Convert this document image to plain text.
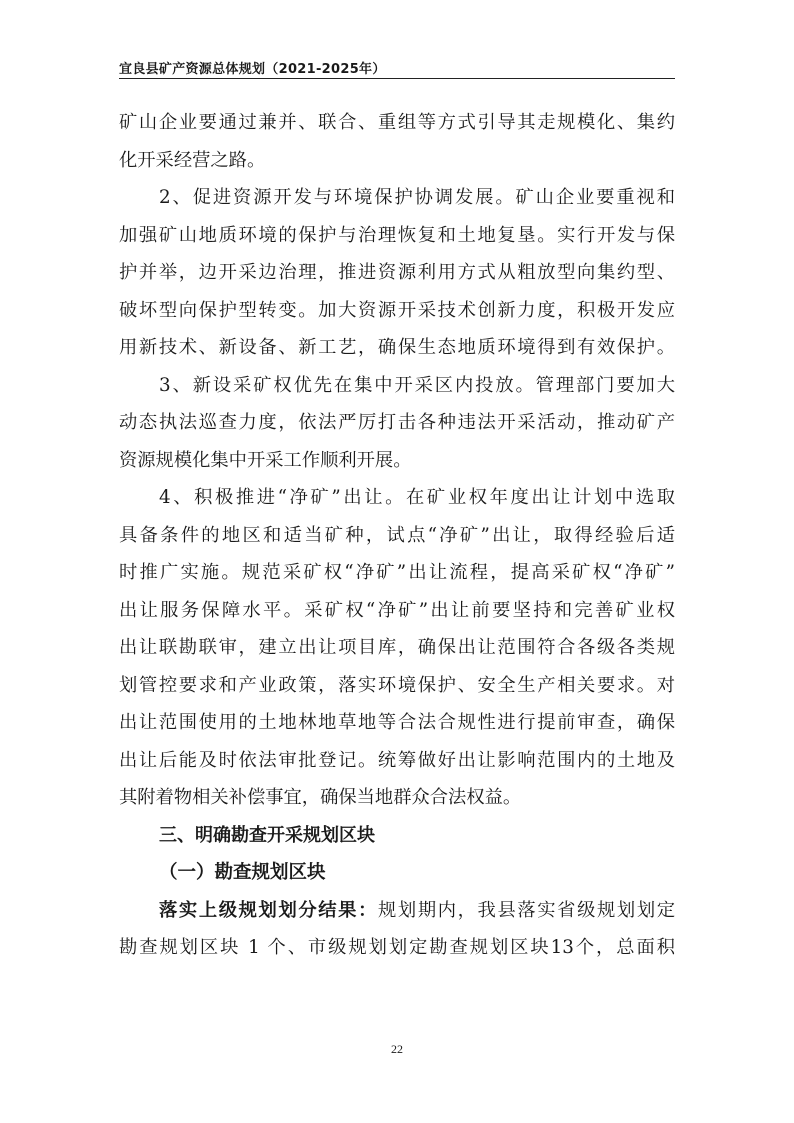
宜良县矿产资源总体规划（2021-2025年）
矿山企业要通过兼并、联合、重组等方式引导其走规模化、集约
化开采经营之路。
2、促进资源开发与环境保护协调发展。矿山企业要重视和
加强矿山地质环境的保护与治理恢复和土地复垦。实行开发与保
护并举，边开采边治理，推进资源利用方式从粗放型向集约型、
破坏型向保护型转变。加大资源开采技术创新力度，积极开发应
用新技术、新设备、新工艺，确保生态地质环境得到有效保护。
3、新设采矿权优先在集中开采区内投放。管理部门要加大
动态执法巡查力度，依法严厉打击各种违法开采活动，推动矿产
资源规模化集中开采工作顺利开展。
4、积极推进“净矿”出让。在矿业权年度出让计划中选取
具备条件的地区和适当矿种，试点“净矿”出让，取得经验后适
时推广实施。规范采矿权“净矿”出让流程，提高采矿权“净矿”
出让服务保障水平。采矿权“净矿”出让前要坚持和完善矿业权
出让联勘联审，建立出让项目库，确保出让范围符合各级各类规
划管控要求和产业政策，落实环境保护、安全生产相关要求。对
出让范围使用的土地林地草地等合法合规性进行提前审查，确保
出让后能及时依法审批登记。统筹做好出让影响范围内的土地及
其附着物相关补偿事宜，确保当地群众合法权益。
三、明确勘查开采规划区块
（一）勘查规划区块
落实上级规划划分结果：规划期内，我县落实省级规划划定
勘查规划区块 1 个、市级规划划定勘查规划区块13个，总面积
22
